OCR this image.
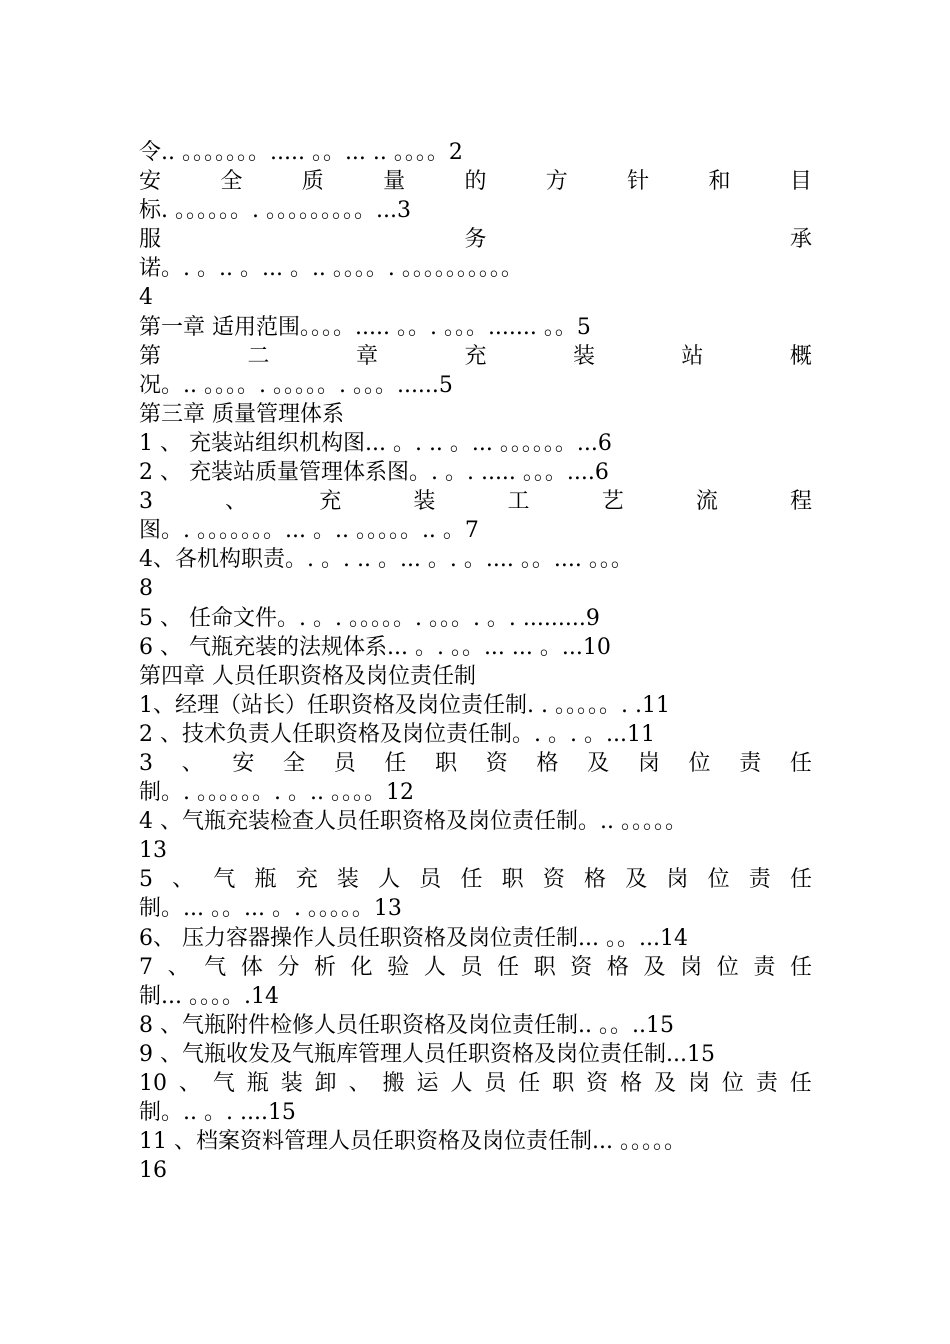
令.. 。。。。。。。..... 。。... .. 。。。。2
安	全	质	量	的	方	针	和	目
标. 。。。。。。. 。。。。。。。。。...3
服	务	承
诺。. 。.. 。... 。.. 。。。。. 。。。。。。。。。。
4
第一章 适用范围。。。。..... 。。. 。。。....... 。。5
第	二	章	充	装	站	概
况。.. 。。。。. 。。。。。. 。。。......5
第三章 质量管理体系
1 、 充装站组织机构图... 。. .. 。... 。。。。。。...6
2 、 充装站质量管理体系图。. 。. ..... 。。。....6
3	、	充	装	工	艺	流	程
图。. 。。。。。。。... 。.. 。。。。。.. 。7
4、各机构职责。. 。. .. 。... 。. 。.... 。。.... 。。。
8
5 、 任命文件。. 。. 。。。。。. 。。。. 。. .........9
6 、 气瓶充装的法规体系... 。. 。。... ... 。...10
第四章 人员任职资格及岗位责任制
1、经理（站长）任职资格及岗位责任制. . 。。。。。. .11
2 、技术负责人任职资格及岗位责任制。. 。. 。...11
3 、 安 全 员 任 职 资 格 及 岗 位 责 任
制。. 。。。。。。. 。.. 。。。。12
4 、气瓶充装检查人员任职资格及岗位责任制。.. 。。。。。
13
5 、 气 瓶 充 装 人 员 任 职 资 格 及 岗 位 责 任
制。... 。。... 。. 。。。。。13
6、 压力容器操作人员任职资格及岗位责任制... 。。...14
7 、 气 体 分 析 化 验 人 员 任 职 资 格 及 岗 位 责 任
制... 。。。。.14
8 、气瓶附件检修人员任职资格及岗位责任制.. 。。..15
9 、气瓶收发及气瓶库管理人员任职资格及岗位责任制...15
10 、 气 瓶 装 卸 、 搬 运 人 员 任 职 资 格 及 岗 位 责 任
制。.. 。. ....15
11 、档案资料管理人员任职资格及岗位责任制... 。。。。。
16
